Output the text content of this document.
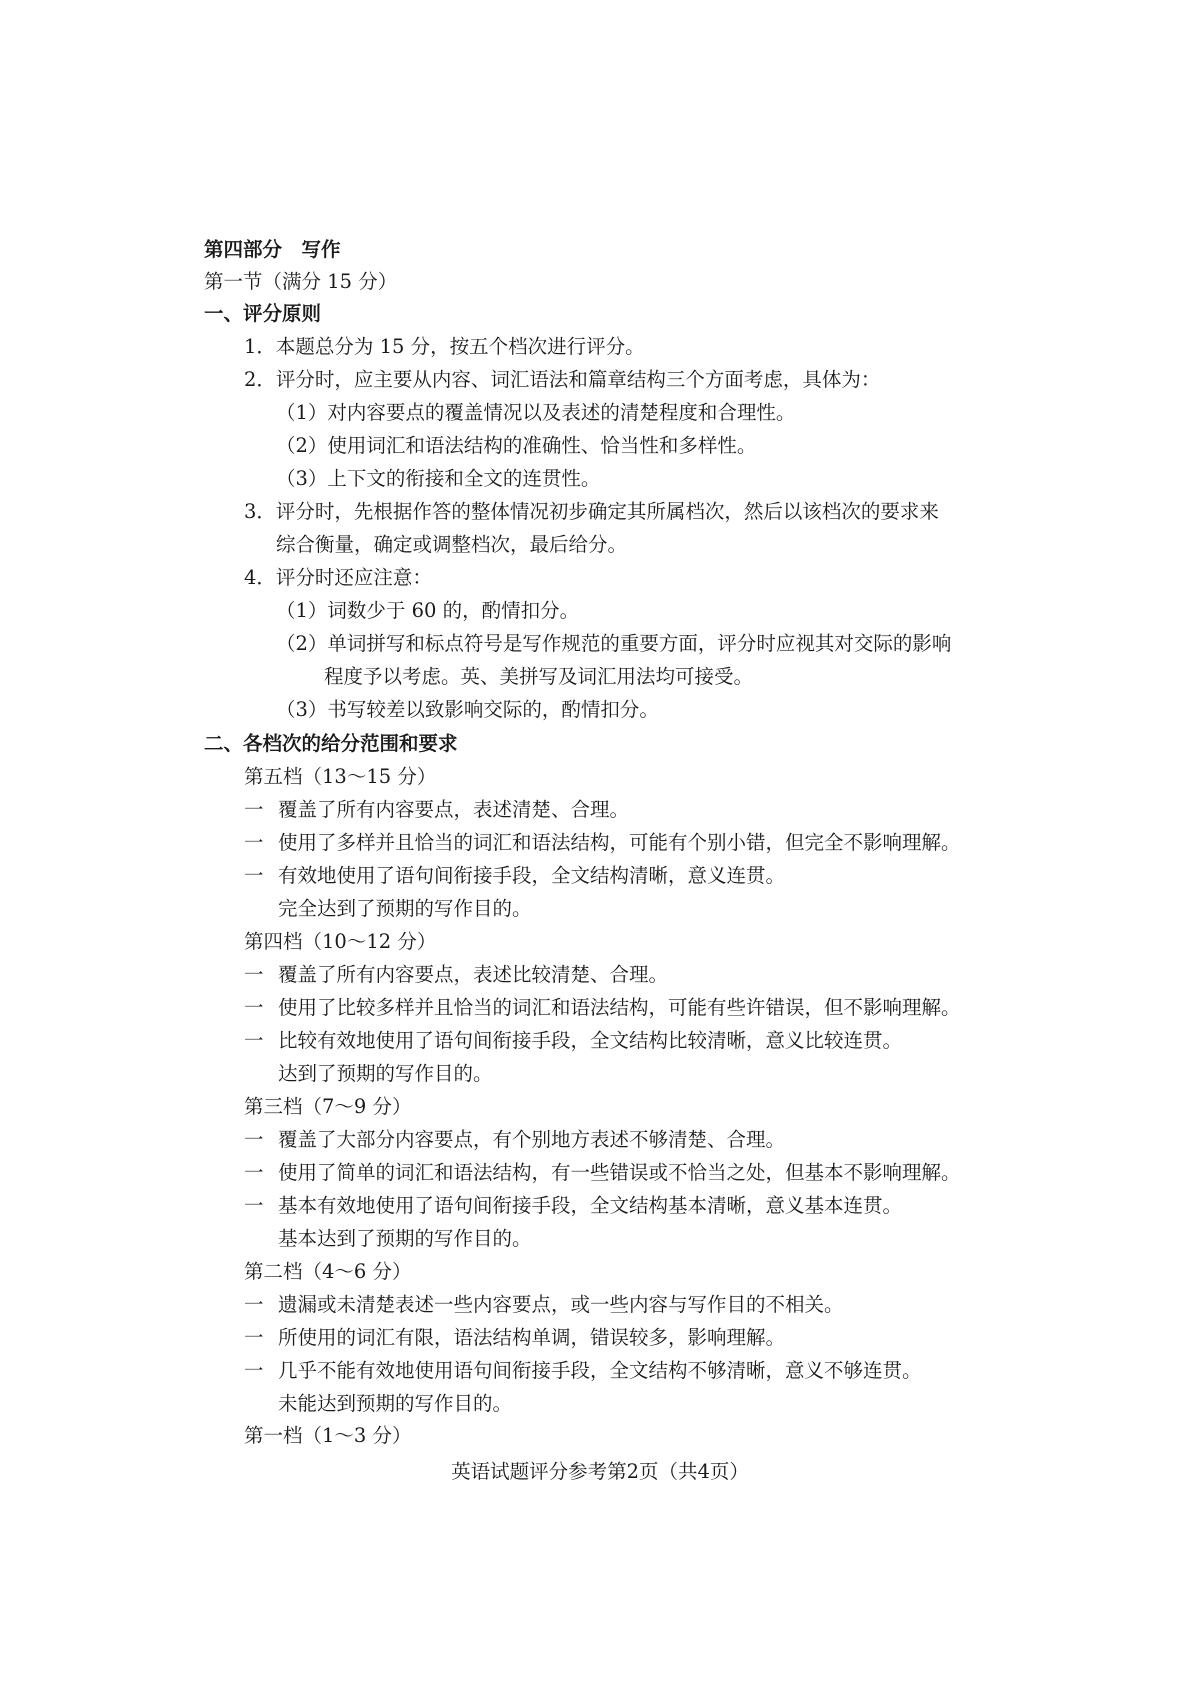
第四部分　写作
第一节（满分 15 分）
一、评分原则
1．本题总分为 15 分，按五个档次进行评分。
2．评分时，应主要从内容、词汇语法和篇章结构三个方面考虑，具体为：
（1）对内容要点的覆盖情况以及表述的清楚程度和合理性。
（2）使用词汇和语法结构的准确性、恰当性和多样性。
（3）上下文的衔接和全文的连贯性。
3．评分时，先根据作答的整体情况初步确定其所属档次，然后以该档次的要求来
综合衡量，确定或调整档次，最后给分。
4．评分时还应注意：
（1）词数少于 60 的，酌情扣分。
（2）单词拼写和标点符号是写作规范的重要方面，评分时应视其对交际的影响
程度予以考虑。英、美拼写及词汇用法均可接受。
（3）书写较差以致影响交际的，酌情扣分。
二、各档次的给分范围和要求
第五档（13～15 分）
一 覆盖了所有内容要点，表述清楚、合理。
一 使用了多样并且恰当的词汇和语法结构，可能有个别小错，但完全不影响理解。
一 有效地使用了语句间衔接手段，全文结构清晰，意义连贯。
完全达到了预期的写作目的。
第四档（10～12 分）
一 覆盖了所有内容要点，表述比较清楚、合理。
一 使用了比较多样并且恰当的词汇和语法结构，可能有些许错误，但不影响理解。
一 比较有效地使用了语句间衔接手段，全文结构比较清晰，意义比较连贯。
达到了预期的写作目的。
第三档（7～9 分）
一 覆盖了大部分内容要点，有个别地方表述不够清楚、合理。
一 使用了简单的词汇和语法结构，有一些错误或不恰当之处，但基本不影响理解。
一 基本有效地使用了语句间衔接手段，全文结构基本清晰，意义基本连贯。
基本达到了预期的写作目的。
第二档（4～6 分）
一 遗漏或未清楚表述一些内容要点，或一些内容与写作目的不相关。
一 所使用的词汇有限，语法结构单调，错误较多，影响理解。
一 几乎不能有效地使用语句间衔接手段，全文结构不够清晰，意义不够连贯。
未能达到预期的写作目的。
第一档（1～3 分）
英语试题评分参考第2页（共4页）
